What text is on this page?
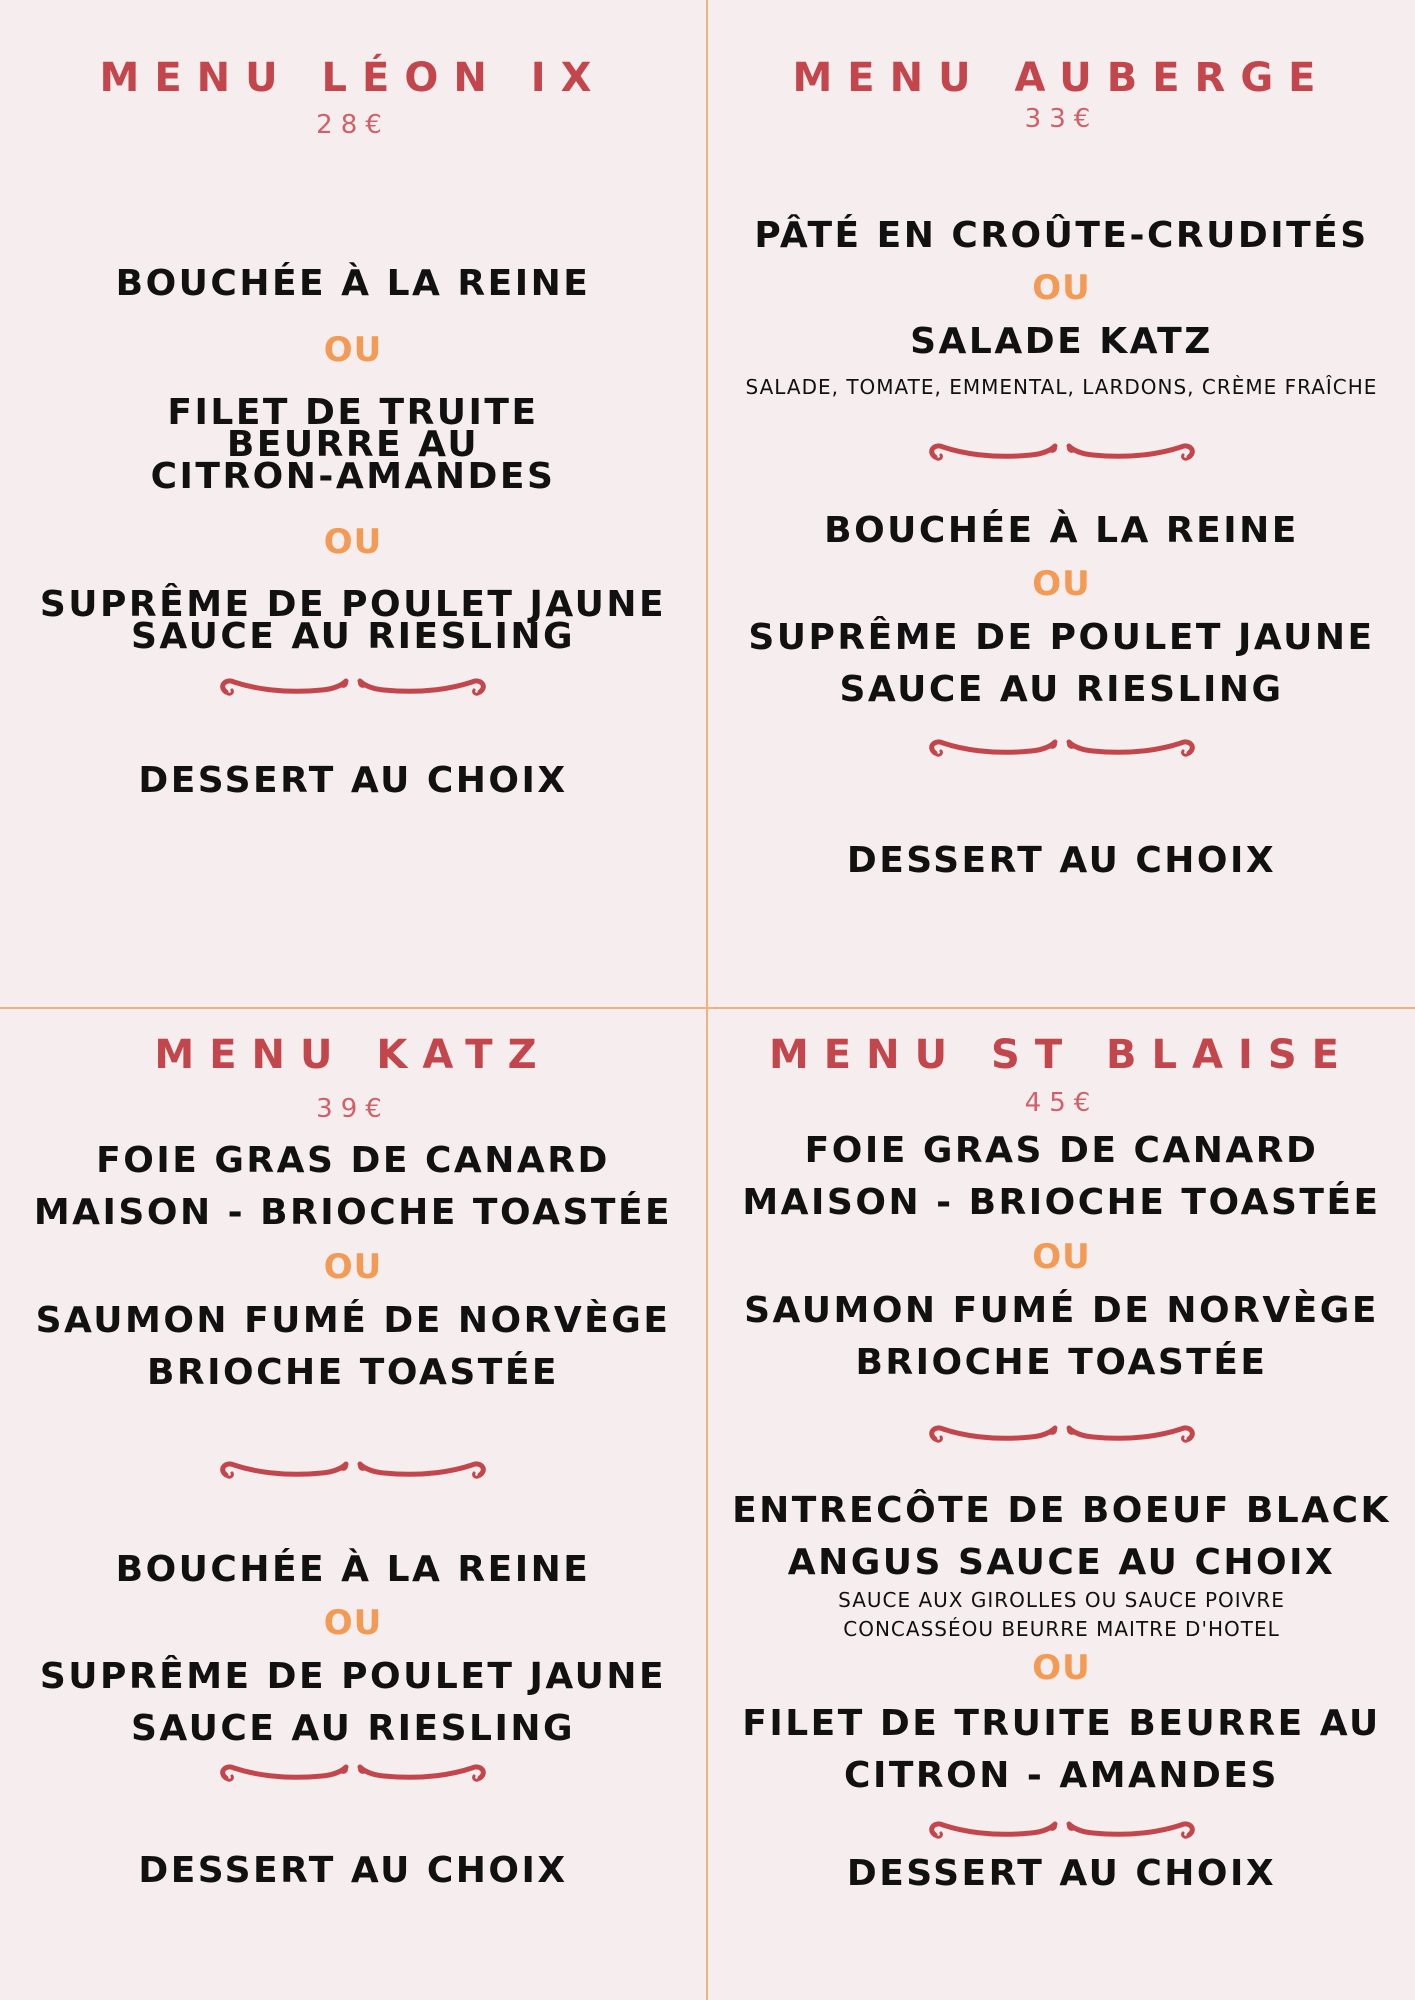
MENU LÉON IX
28€
BOUCHÉE À LA REINE
OU
FILET DE TRUITE
BEURRE AU
CITRON-AMANDES
OU
SUPRÊME DE POULET JAUNE
SAUCE AU RIESLING
DESSERT AU CHOIX
MENU AUBERGE
33€
PÂTÉ EN CROÛTE-CRUDITÉS
OU
SALADE KATZ
SALADE, TOMATE, EMMENTAL, LARDONS, CRÈME FRAÎCHE
BOUCHÉE À LA REINE
OU
SUPRÊME DE POULET JAUNE
SAUCE AU RIESLING
DESSERT AU CHOIX
MENU KATZ
39€
FOIE GRAS DE CANARD
MAISON - BRIOCHE TOASTÉE
OU
SAUMON FUMÉ DE NORVÈGE
BRIOCHE TOASTÉE
BOUCHÉE À LA REINE
OU
SUPRÊME DE POULET JAUNE
SAUCE AU RIESLING
DESSERT AU CHOIX
MENU ST BLAISE
45€
FOIE GRAS DE CANARD
MAISON - BRIOCHE TOASTÉE
OU
SAUMON FUMÉ DE NORVÈGE
BRIOCHE TOASTÉE
ENTRECÔTE DE BOEUF BLACK
ANGUS SAUCE AU CHOIX
SAUCE AUX GIROLLES OU SAUCE POIVRE
CONCASSÉOU BEURRE MAITRE D'HOTEL
OU
FILET DE TRUITE BEURRE AU
CITRON - AMANDES
DESSERT AU CHOIX
